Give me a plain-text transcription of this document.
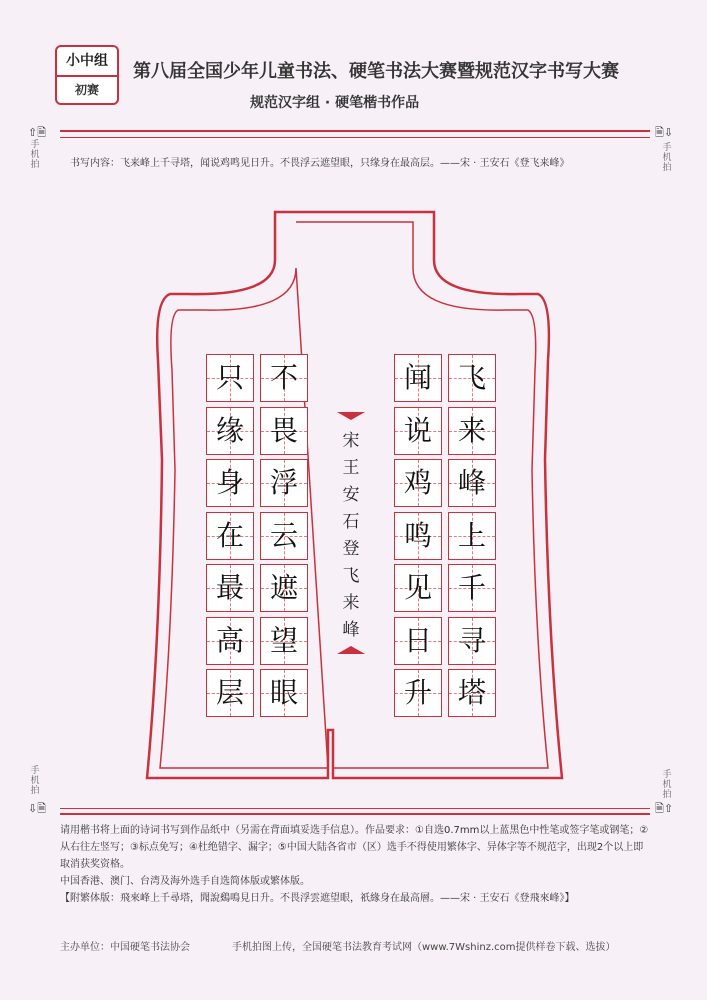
小中组
初赛
第八届全国少年儿童书法、硬笔书法大赛暨规范汉字书写大赛
规范汉字组 · 硬笔楷书作品
⇧🗎
手机拍
🗎⇩
手机拍
手机拍
⇩🗎
手机拍
🗎⇧
书写内容：飞来峰上千寻塔，闻说鸡鸣见日升。不畏浮云遮望眼，只缘身在最高层。——宋 · 王安石《登飞来峰》
飞
来
峰
上
千
寻
塔
闻
说
鸡
鸣
见
日
升
不
畏
浮
云
遮
望
眼
只
缘
身
在
最
高
层
宋
王
安
石
登
飞
来
峰

请用楷书将上面的诗词书写到作品纸中（另需在背面填妥选手信息）。作品要求：①自选0.7mm以上蓝黑色中性笔或签字笔或钢笔；②从右往左竖写；③标点免写；④杜绝错字、漏字；⑤中国大陆各省市（区）选手不得使用繁体字、异体字等不规范字，出现2个以上即取消获奖资格。

中国香港、澳门、台湾及海外选手自选简体版或繁体版。

【附繁体版：飛來峰上千尋塔，聞說鷄鳴見日升。不畏浮雲遮望眼，祇緣身在最高層。——宋 · 王安石《登飛來峰》】

主办单位：中国硬笔书法协会	手机拍图上传，全国硬笔书法教育考试网（www.7Wshinz.com提供样卷下载、选拔）
